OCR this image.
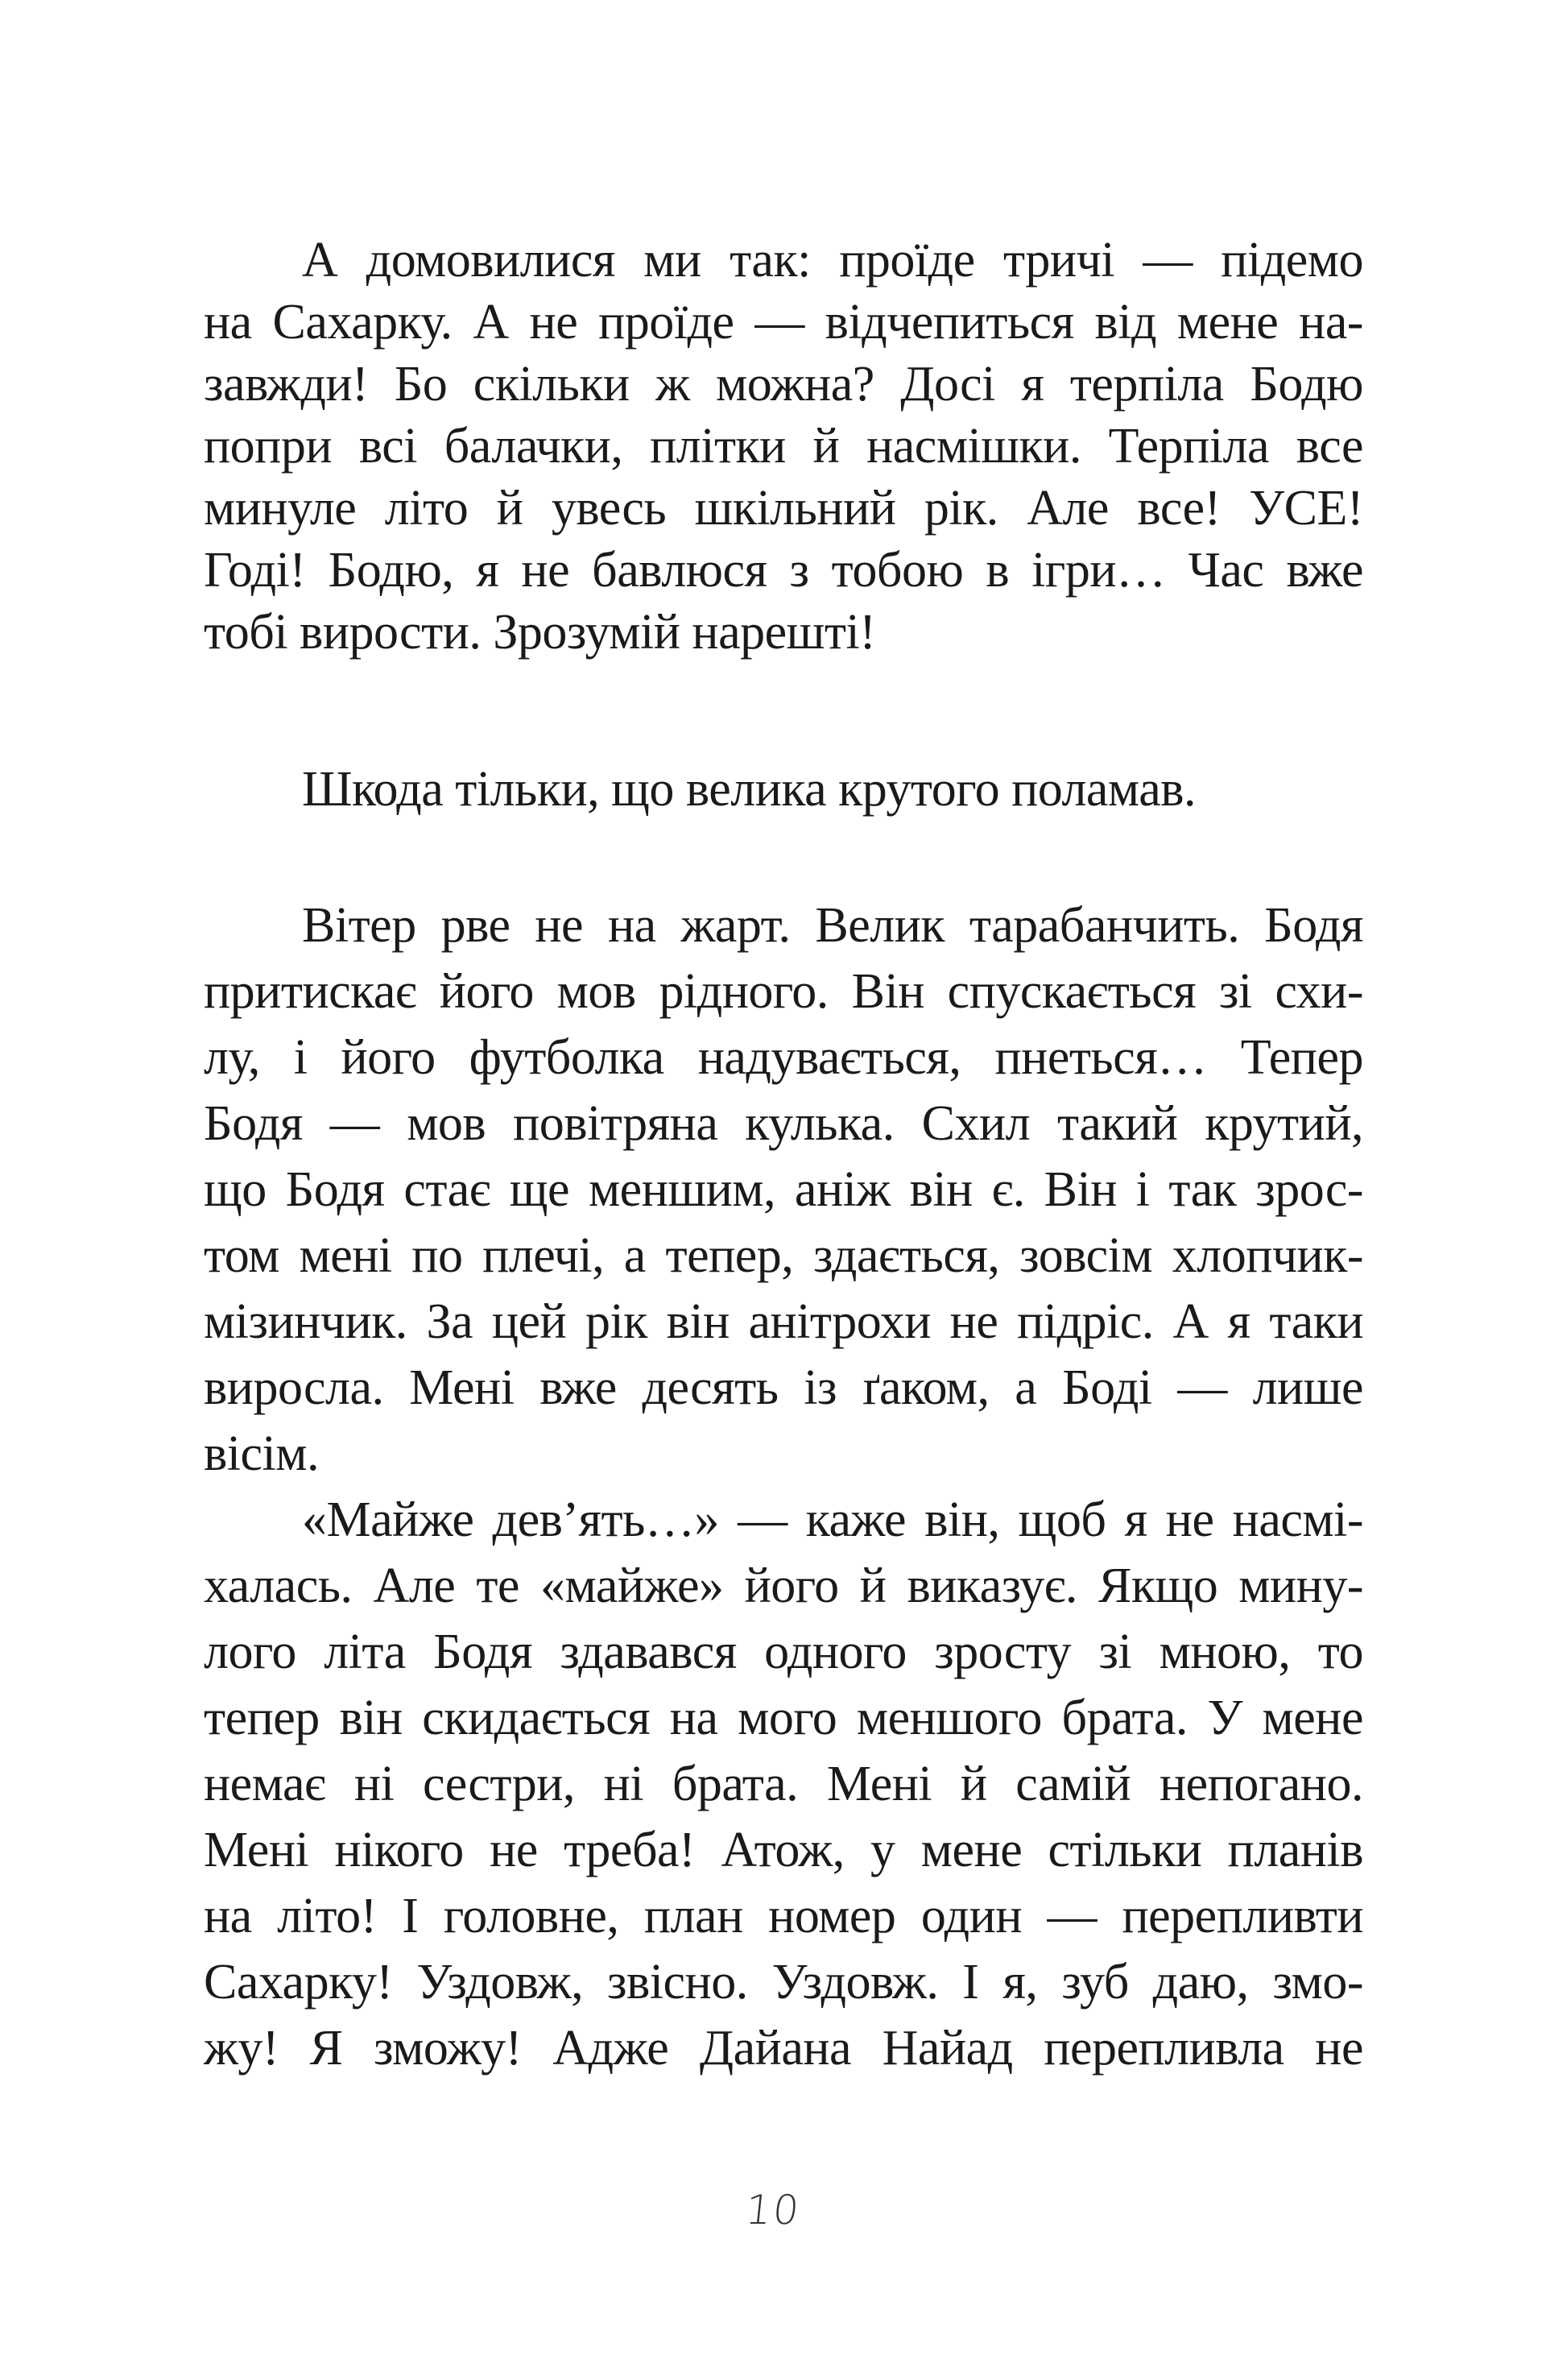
А домовилися ми так: проїде тричі — підемо
на Сахарку. А не проїде — відчепиться від мене на-
завжди! Бо скільки ж можна? Досі я терпіла Бодю
попри всі балачки, плітки й насмішки. Терпіла все
минуле літо й увесь шкільний рік. Але все! УСЕ!
Годі! Бодю, я не бавлюся з тобою в ігри… Час вже
тобі вирости. Зрозумій нарешті!
Шкода тільки, що велика крутого поламав.
Вітер рве не на жарт. Велик тарабанчить. Бодя
притискає його мов рідного. Він спускається зі схи-
лу, і його футболка надувається, пнеться… Тепер
Бодя — мов повітряна кулька. Схил такий крутий,
що Бодя стає ще меншим, аніж він є. Він і так зрос-
том мені по плечі, а тепер, здається, зовсім хлопчик-
мізинчик. За цей рік він анітрохи не підріс. А я таки
виросла. Мені вже десять із ґаком, а Боді — лише
вісім.
«Майже дев’ять…» — каже він, щоб я не насмі-
халась. Але те «майже» його й виказує. Якщо мину-
лого літа Бодя здавався одного зросту зі мною, то
тепер він скидається на мого меншого брата. У мене
немає ні сестри, ні брата. Мені й самій непогано.
Мені нікого не треба! Атож, у мене стільки планів
на літо! І головне, план номер один — перепливти
Сахарку! Уздовж, звісно. Уздовж. І я, зуб даю, змо-
жу! Я зможу! Адже Дайана Найад перепливла не
10
